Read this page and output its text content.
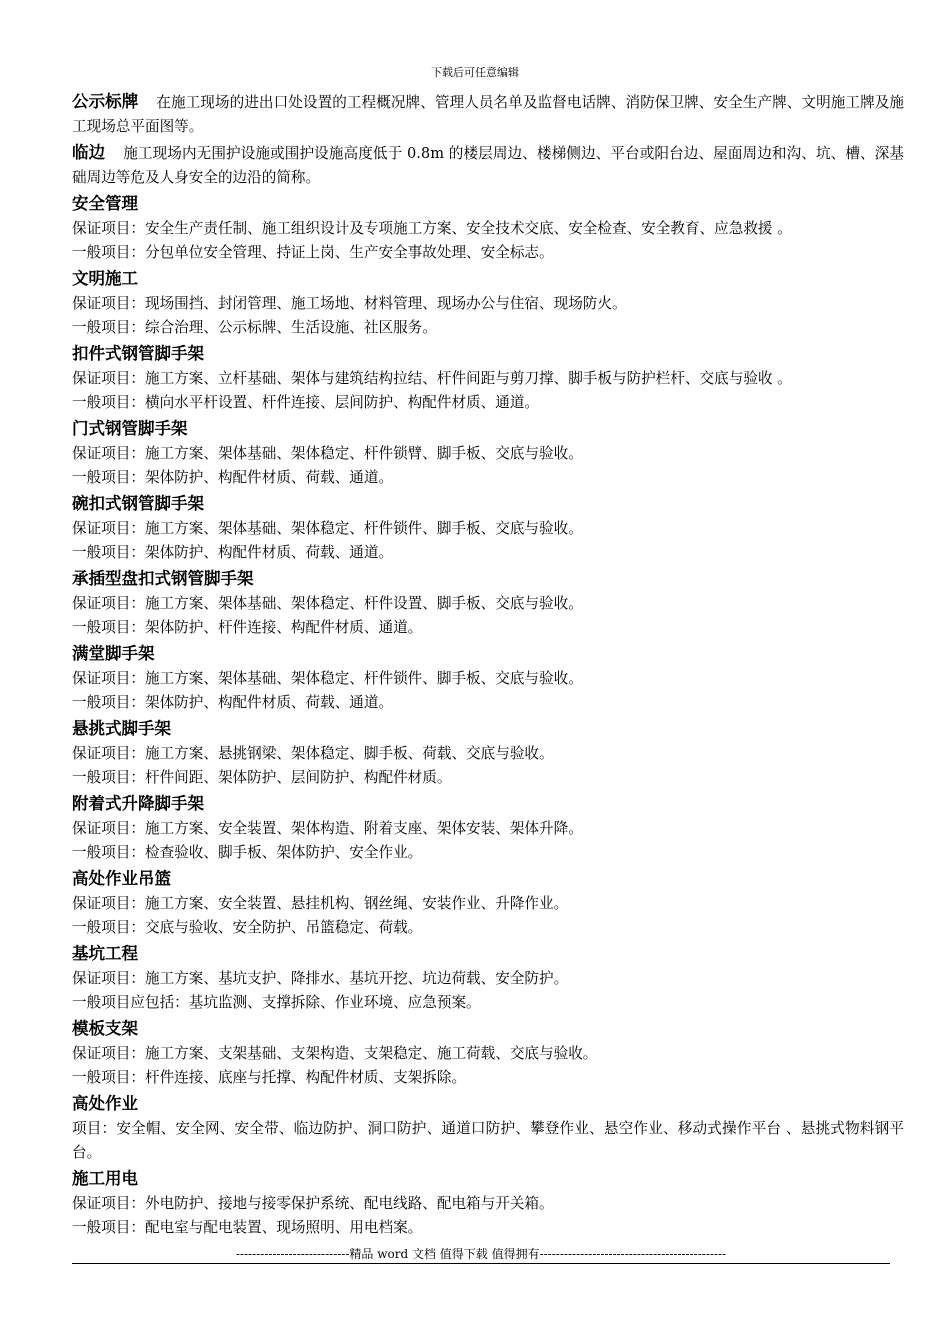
下载后可任意编辑
公示标牌 在施工现场的进出口处设置的工程概况牌、管理人员名单及监督电话牌、消防保卫牌、安全生产牌、文明施工牌及施工现场总平面图等。
临边 施工现场内无围护设施或围护设施高度低于 0.8m 的楼层周边、楼梯侧边、平台或阳台边、屋面周边和沟、坑、槽、深基础周边等危及人身安全的边沿的简称。
安全管理
保证项目：安全生产责任制、施工组织设计及专项施工方案、安全技术交底、安全检查、安全教育、应急救援 。
一般项目：分包单位安全管理、持证上岗、生产安全事故处理、安全标志。
文明施工
保证项目：现场围挡、封闭管理、施工场地、材料管理、现场办公与住宿、现场防火。
一般项目：综合治理、公示标牌、生活设施、社区服务。
扣件式钢管脚手架
保证项目：施工方案、立杆基础、架体与建筑结构拉结、杆件间距与剪刀撑、脚手板与防护栏杆、交底与验收 。
一般项目：横向水平杆设置、杆件连接、层间防护、构配件材质、通道。
门式钢管脚手架
保证项目：施工方案、架体基础、架体稳定、杆件锁臂、脚手板、交底与验收。
一般项目：架体防护、构配件材质、荷载、通道。
碗扣式钢管脚手架
保证项目：施工方案、架体基础、架体稳定、杆件锁件、脚手板、交底与验收。
一般项目：架体防护、构配件材质、荷载、通道。
承插型盘扣式钢管脚手架
保证项目：施工方案、架体基础、架体稳定、杆件设置、脚手板、交底与验收。
一般项目：架体防护、杆件连接、构配件材质、通道。
满堂脚手架
保证项目：施工方案、架体基础、架体稳定、杆件锁件、脚手板、交底与验收。
一般项目：架体防护、构配件材质、荷载、通道。
悬挑式脚手架
保证项目：施工方案、悬挑钢梁、架体稳定、脚手板、荷载、交底与验收。
一般项目：杆件间距、架体防护、层间防护、构配件材质。
附着式升降脚手架
保证项目：施工方案、安全装置、架体构造、附着支座、架体安装、架体升降。
一般项目：检查验收、脚手板、架体防护、安全作业。
高处作业吊篮
保证项目：施工方案、安全装置、悬挂机构、钢丝绳、安装作业、升降作业。
一般项目：交底与验收、安全防护、吊篮稳定、荷载。
基坑工程
保证项目：施工方案、基坑支护、降排水、基坑开挖、坑边荷载、安全防护。
一般项目应包括：基坑监测、支撑拆除、作业环境、应急预案。
模板支架
保证项目：施工方案、支架基础、支架构造、支架稳定、施工荷载、交底与验收。
一般项目：杆件连接、底座与托撑、构配件材质、支架拆除。
高处作业
项目：安全帽、安全网、安全带、临边防护、洞口防护、通道口防护、攀登作业、悬空作业、移动式操作平台 、悬挑式物料钢平台。
施工用电
保证项目：外电防护、接地与接零保护系统、配电线路、配电箱与开关箱。
一般项目：配电室与配电装置、现场照明、用电档案。
----------------------------精品 word 文档 值得下载 值得拥有----------------------------------------------
